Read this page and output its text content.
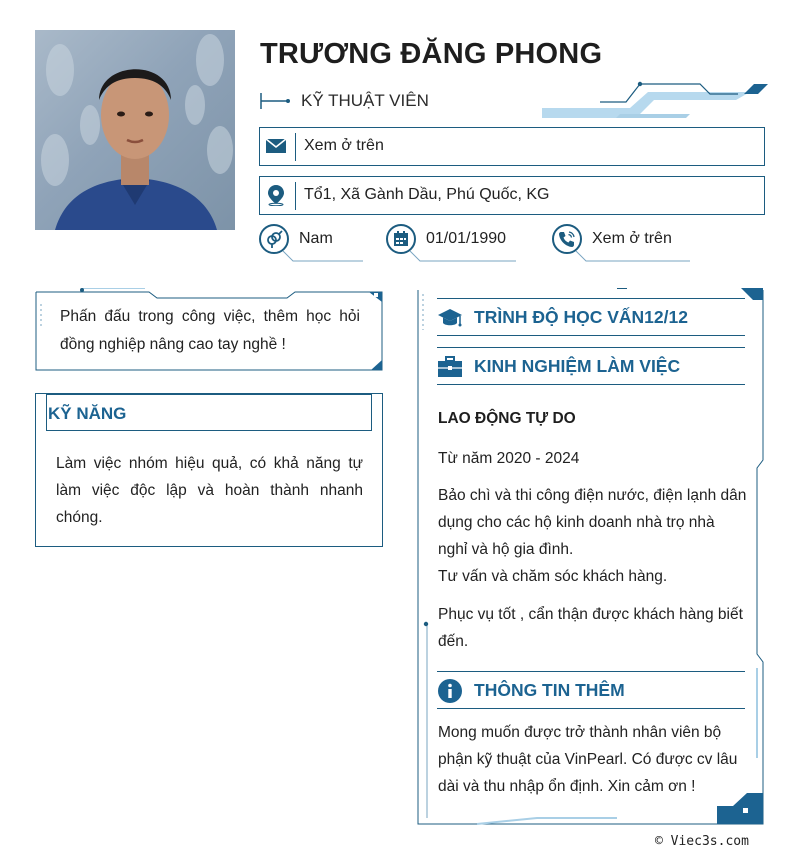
TRƯƠNG ĐĂNG PHONG
KỸ THUẬT VIÊN
Xem ở trên
Tổ1, Xã Gành Dầu, Phú Quốc, KG
Nam	01/01/1990	Xem ở trên
Phấn đấu trong công việc, thêm học hỏi đồng nghiệp nâng cao tay nghề !
KỸ NĂNG
Làm việc nhóm hiệu quả, có khả năng tự làm việc độc lập và hoàn thành nhanh chóng.
TRÌNH ĐỘ HỌC VẤN12/12
KINH NGHIỆM LÀM VIỆC
LAO ĐỘNG TỰ DO
Từ năm 2020 - 2024
Bảo chì và thi công điện nước, điện lạnh dân dụng cho các hộ kinh doanh nhà trọ nhà nghỉ và hộ gia đình.
Tư vấn và chăm sóc khách hàng.
Phục vụ tốt , cẩn thận được khách hàng biết đến.
THÔNG TIN THÊM
Mong muốn được trở thành nhân viên bộ phận kỹ thuật của VinPearl. Có được cv lâu dài và thu nhập ổn định. Xin cảm ơn !
© Viec3s.com
